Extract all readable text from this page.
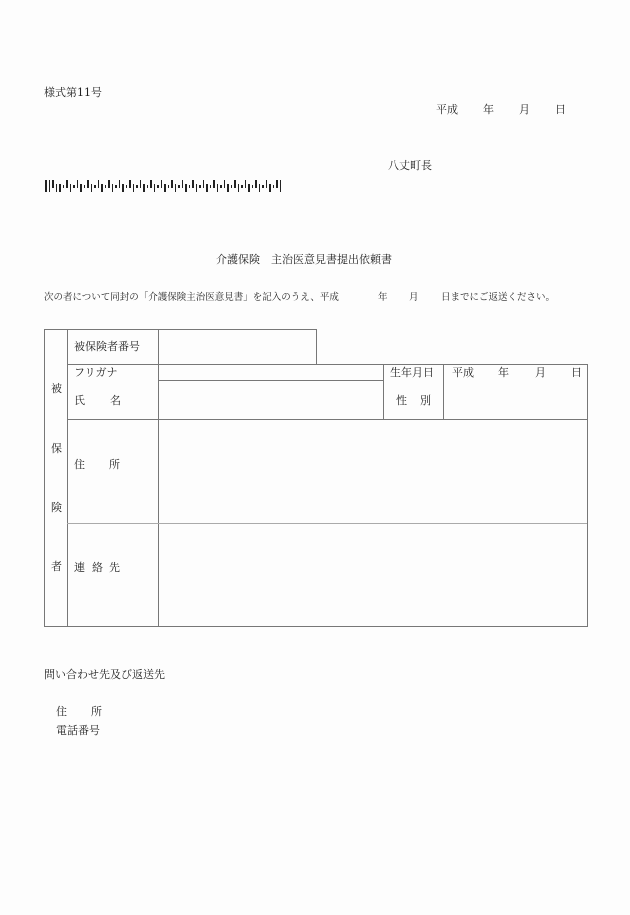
様式第11号
平成 年 月 日
八丈町長
介護保険　主治医意見書提出依頼書
次の者について同封の「介護保険主治医意見書」を記入のうえ、平成	年 月 日までにご返送ください。
被
保
険
者
被保険者番号
フリガナ
氏 名
生年月日
性 別
平成 年 月 日
住 所
連 絡 先
問い合わせ先及び返送先
住 所
電話番号
